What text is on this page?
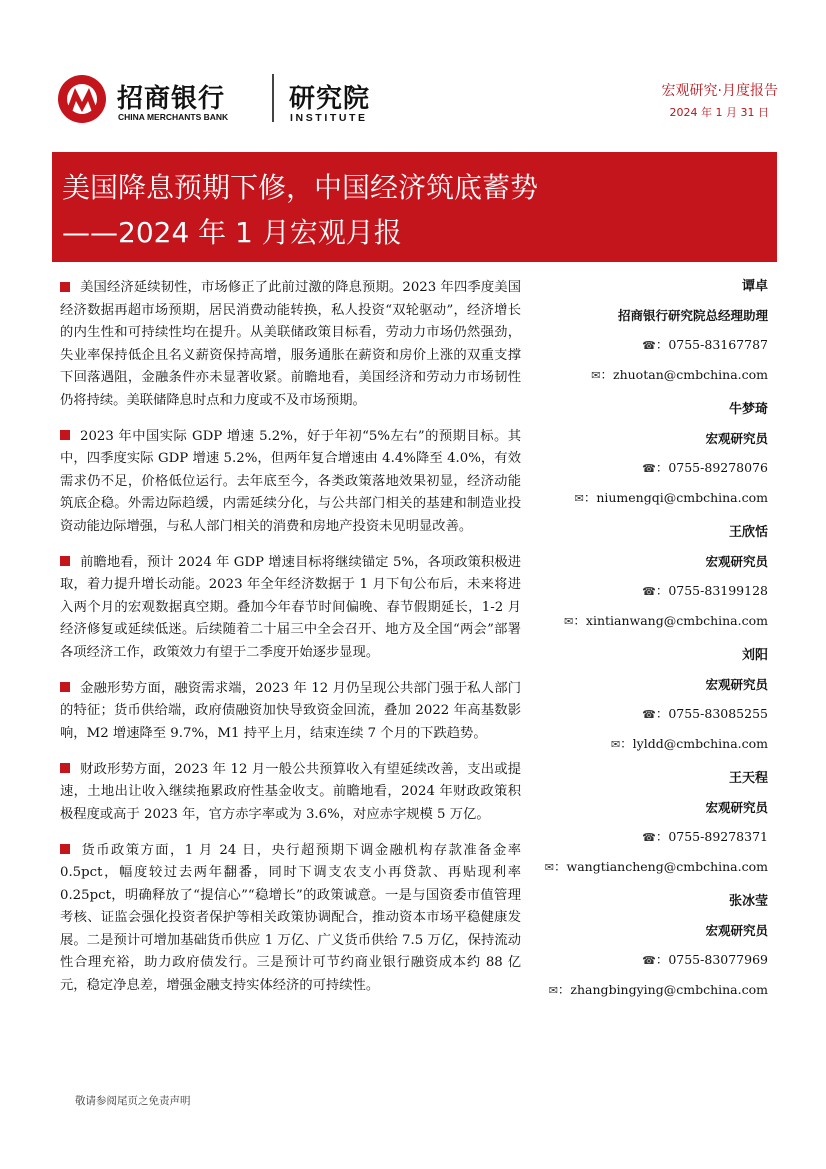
招商银行
CHINA MERCHANTS BANK
研究院
INSTITUTE
宏观研究·月度报告
2024 年 1 月 31 日
美国降息预期下修，中国经济筑底蓄势
——2024 年 1 月宏观月报
美国经济延续韧性，市场修正了此前过激的降息预期。2023 年四季度美国经济数据再超市场预期，居民消费动能转换，私人投资“双轮驱动”，经济增长的内生性和可持续性均在提升。从美联储政策目标看，劳动力市场仍然强劲，失业率保持低企且名义薪资保持高增，服务通胀在薪资和房价上涨的双重支撑下回落遇阻，金融条件亦未显著收紧。前瞻地看，美国经济和劳动力市场韧性仍将持续。美联储降息时点和力度或不及市场预期。
2023 年中国实际 GDP 增速 5.2%，好于年初“5%左右”的预期目标。其中，四季度实际 GDP 增速 5.2%，但两年复合增速由 4.4%降至 4.0%，有效需求仍不足，价格低位运行。去年底至今，各类政策落地效果初显，经济动能筑底企稳。外需边际趋缓，内需延续分化，与公共部门相关的基建和制造业投资动能边际增强，与私人部门相关的消费和房地产投资未见明显改善。
前瞻地看，预计 2024 年 GDP 增速目标将继续锚定 5%，各项政策积极进取，着力提升增长动能。2023 年全年经济数据于 1 月下旬公布后，未来将进入两个月的宏观数据真空期。叠加今年春节时间偏晚、春节假期延长，1-2 月经济修复或延续低迷。后续随着二十届三中全会召开、地方及全国“两会”部署各项经济工作，政策效力有望于二季度开始逐步显现。
金融形势方面，融资需求端，2023 年 12 月仍呈现公共部门强于私人部门的特征；货币供给端，政府债融资加快导致资金回流，叠加 2022 年高基数影响，M2 增速降至 9.7%，M1 持平上月，结束连续 7 个月的下跌趋势。
财政形势方面，2023 年 12 月一般公共预算收入有望延续改善，支出或提速，土地出让收入继续拖累政府性基金收支。前瞻地看，2024 年财政政策积极程度或高于 2023 年，官方赤字率或为 3.6%，对应赤字规模 5 万亿。
货币政策方面，1 月 24 日，央行超预期下调金融机构存款准备金率 0.5pct，幅度较过去两年翻番，同时下调支农支小再贷款、再贴现利率 0.25pct，明确释放了“提信心”“稳增长”的政策诚意。一是与国资委市值管理考核、证监会强化投资者保护等相关政策协调配合，推动资本市场平稳健康发展。二是预计可增加基础货币供应 1 万亿、广义货币供给 7.5 万亿，保持流动性合理充裕，助力政府债发行。三是预计可节约商业银行融资成本约 88 亿元，稳定净息差，增强金融支持实体经济的可持续性。
谭卓
招商银行研究院总经理助理
☎：0755-83167787
✉：zhuotan@cmbchina.com
牛梦琦
宏观研究员
☎：0755-89278076
✉：niumengqi@cmbchina.com
王欣恬
宏观研究员
☎：0755-83199128
✉：xintianwang@cmbchina.com
刘阳
宏观研究员
☎：0755-83085255
✉：lyldd@cmbchina.com
王天程
宏观研究员
☎：0755-89278371
✉：wangtiancheng@cmbchina.com
张冰莹
宏观研究员
☎：0755-83077969
✉：zhangbingying@cmbchina.com
敬请参阅尾页之免责声明
